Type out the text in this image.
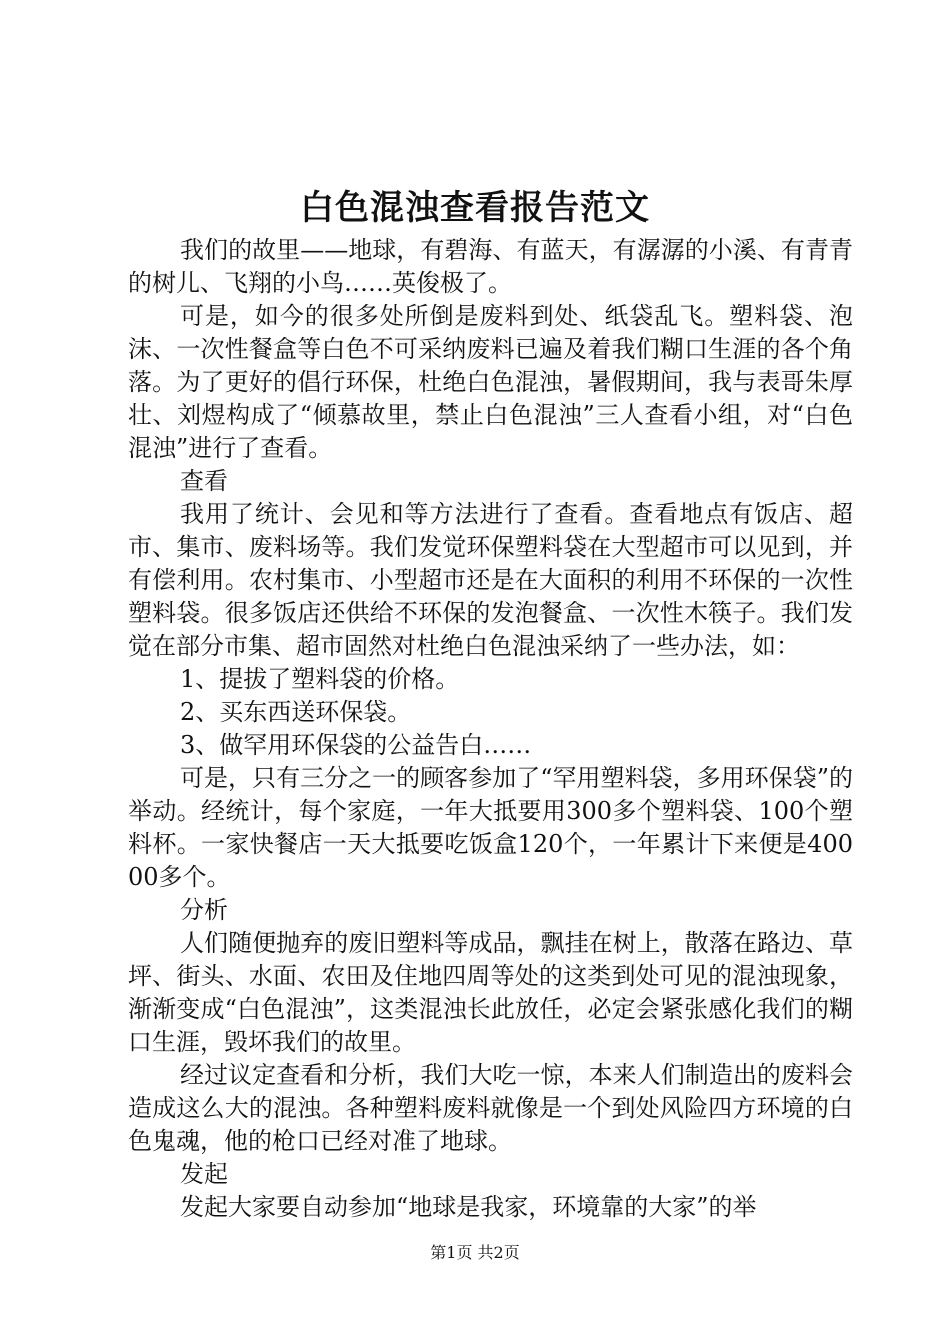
白色混浊查看报告范文

我们的故里——地球，有碧海、有蓝天，有潺潺的小溪、有青青的树儿、飞翔的小鸟……英俊极了。

可是，如今的很多处所倒是废料到处、纸袋乱飞。塑料袋、泡沫、一次性餐盒等白色不可采纳废料已遍及着我们糊口生涯的各个角落。为了更好的倡行环保，杜绝白色混浊，暑假期间，我与表哥朱厚壮、刘煜构成了“倾慕故里，禁止白色混浊”三人查看小组，对“白色混浊”进行了查看。

查看

我用了统计、会见和等方法进行了查看。查看地点有饭店、超市、集市、废料场等。我们发觉环保塑料袋在大型超市可以见到，并有偿利用。农村集市、小型超市还是在大面积的利用不环保的一次性塑料袋。很多饭店还供给不环保的发泡餐盒、一次性木筷子。我们发觉在部分市集、超市固然对杜绝白色混浊采纳了一些办法，如：

1、提拔了塑料袋的价格。

2、买东西送环保袋。

3、做罕用环保袋的公益告白……

可是，只有三分之一的顾客参加了“罕用塑料袋，多用环保袋”的举动。经统计，每个家庭，一年大抵要用300多个塑料袋、100个塑料杯。一家快餐店一天大抵要吃饭盒120个，一年累计下来便是40000多个。

分析

人们随便抛弃的废旧塑料等成品，飘挂在树上，散落在路边、草坪、街头、水面、农田及住地四周等处的这类到处可见的混浊现象，渐渐变成“白色混浊”，这类混浊长此放任，必定会紧张感化我们的糊口生涯，毁坏我们的故里。

经过议定查看和分析，我们大吃一惊，本来人们制造出的废料会造成这么大的混浊。各种塑料废料就像是一个到处风险四方环境的白色鬼魂，他的枪口已经对准了地球。

发起

发起大家要自动参加“地球是我家，环境靠的大家”的举

第1页 共2页
